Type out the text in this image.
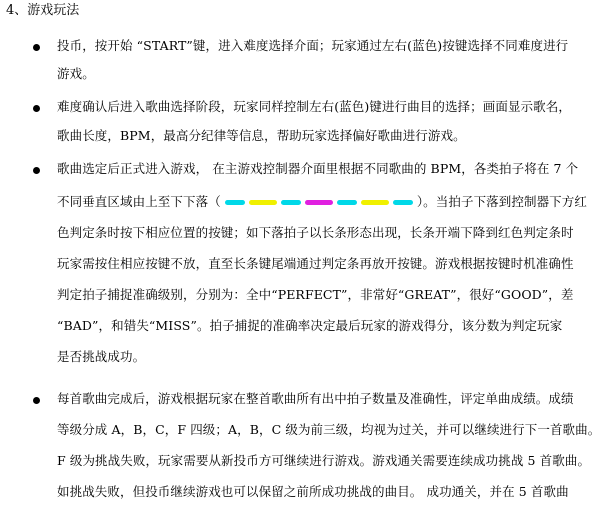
4、游戏玩法
投币，按开始 “START”键，进入难度选择介面；玩家通过左右(蓝色)按键选择不同难度进行
游戏。
难度确认后进入歌曲选择阶段，玩家同样控制左右(蓝色)键进行曲目的选择；画面显示歌名，
歌曲长度，BPM，最高分纪律等信息，帮助玩家选择偏好歌曲进行游戏。
歌曲选定后正式进入游戏， 在主游戏控制器介面里根据不同歌曲的 BPM，各类拍子将在 7 个
不同垂直区域由上至下下落（	）。当拍子下落到控制器下方红
色判定条时按下相应位置的按键；如下落拍子以长条形态出现，长条开端下降到红色判定条时
玩家需按住相应按键不放，直至长条键尾端通过判定条再放开按键。游戏根据按键时机准确性
判定拍子捕捉准确级别，分别为：全中“PERFECT”，非常好“GREAT”，很好“GOOD”，差
“BAD”，和错失“MISS”。拍子捕捉的准确率决定最后玩家的游戏得分，该分数为判定玩家
是否挑战成功。
每首歌曲完成后，游戏根据玩家在整首歌曲所有出中拍子数量及准确性，评定单曲成绩。成绩
等级分成 A，B，C，F 四级；A，B，C 级为前三级，均视为过关，并可以继续进行下一首歌曲。
F 级为挑战失败，玩家需要从新投币方可继续进行游戏。游戏通关需要连续成功挑战 5 首歌曲。
如挑战失败，但投币继续游戏也可以保留之前所成功挑战的曲目。 成功通关，并在 5 首歌曲
